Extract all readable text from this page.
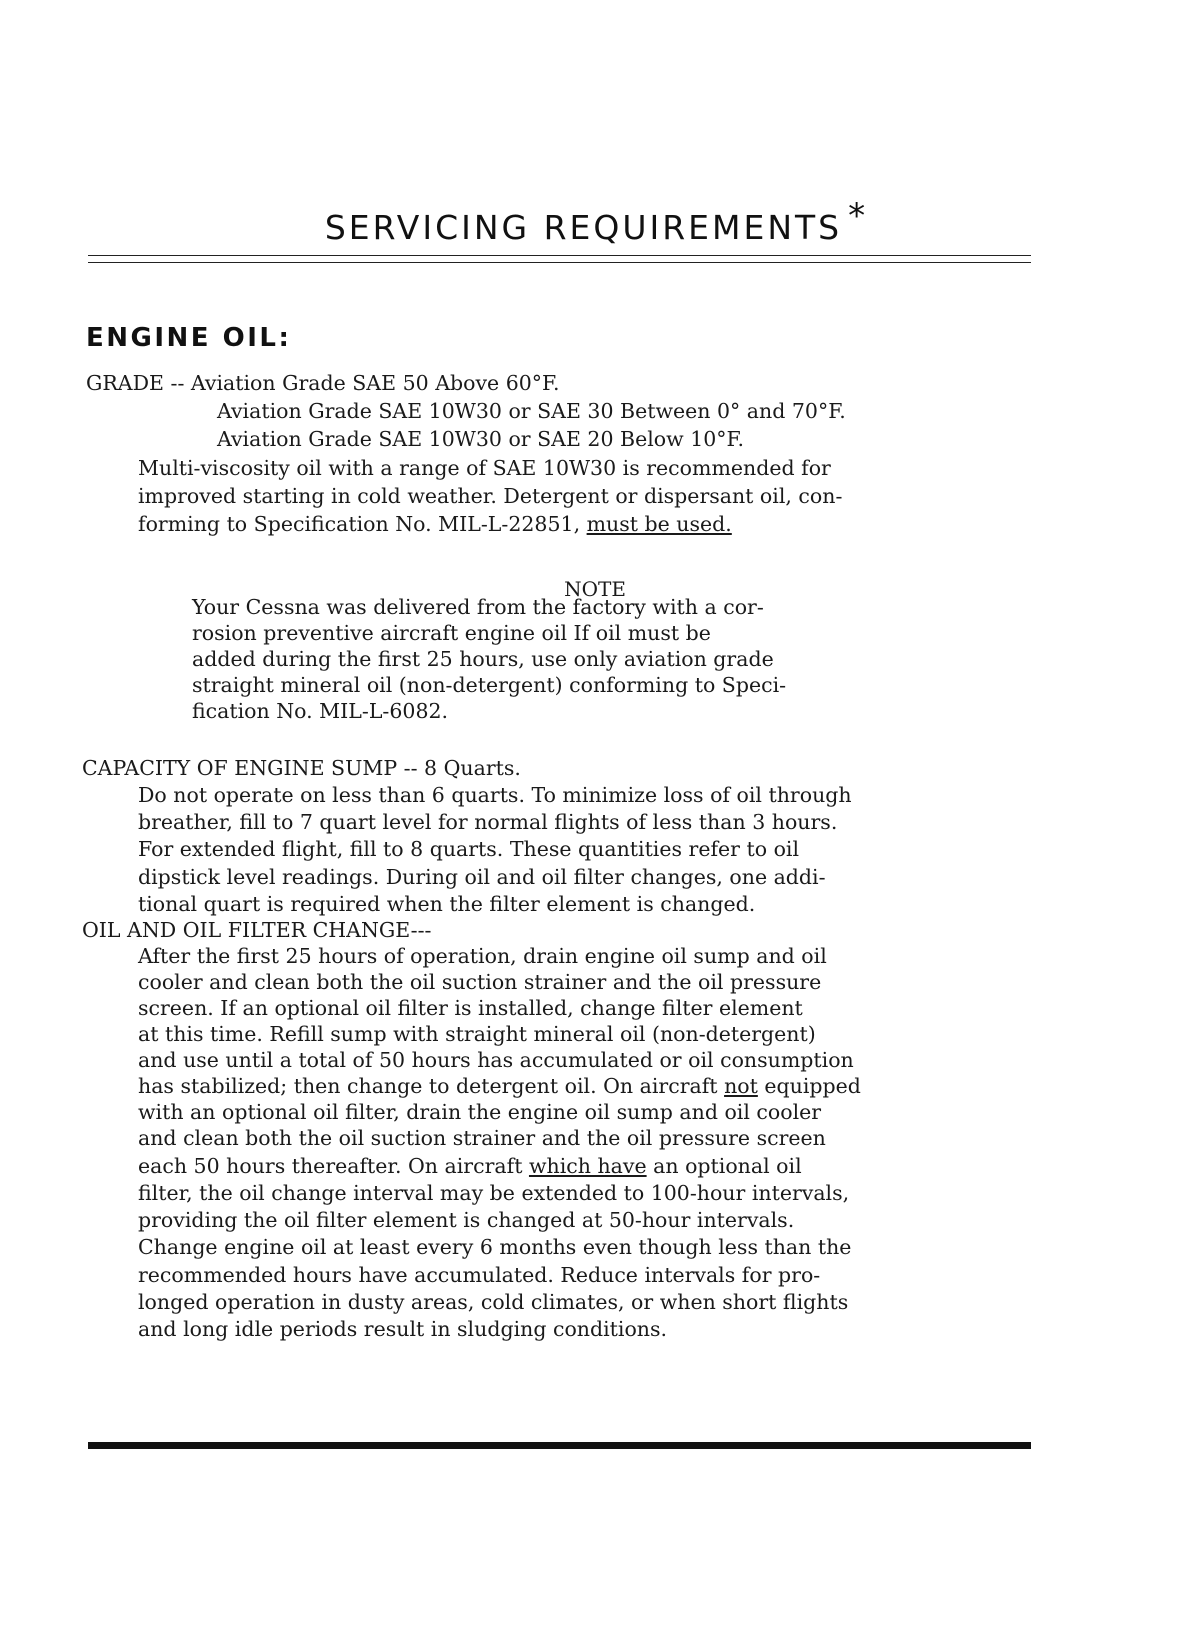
SERVICING REQUIREMENTS *
ENGINE OIL:
GRADE -- Aviation Grade SAE 50 Above 60°F.
Aviation Grade SAE 10W30 or SAE 30 Between 0° and 70°F.
Aviation Grade SAE 10W30 or SAE 20 Below 10°F.
Multi-viscosity oil with a range of SAE 10W30 is recommended for
improved starting in cold weather. Detergent or dispersant oil, con-
forming to Specification No. MIL-L-22851, must be used.
NOTE
Your Cessna was delivered from the factory with a cor-
rosion preventive aircraft engine oil If oil must be
added during the first 25 hours, use only aviation grade
straight mineral oil (non-detergent) conforming to Speci-
fication No. MIL-L-6082.
CAPACITY OF ENGINE SUMP -- 8 Quarts.
Do not operate on less than 6 quarts. To minimize loss of oil through
breather, fill to 7 quart level for normal flights of less than 3 hours.
For extended flight, fill to 8 quarts. These quantities refer to oil
dipstick level readings. During oil and oil filter changes, one addi-
tional quart is required when the filter element is changed.
OIL AND OIL FILTER CHANGE---
After the first 25 hours of operation, drain engine oil sump and oil
cooler and clean both the oil suction strainer and the oil pressure
screen. If an optional oil filter is installed, change filter element
at this time. Refill sump with straight mineral oil (non-detergent)
and use until a total of 50 hours has accumulated or oil consumption
has stabilized; then change to detergent oil. On aircraft not equipped
with an optional oil filter, drain the engine oil sump and oil cooler
and clean both the oil suction strainer and the oil pressure screen
each 50 hours thereafter. On aircraft which have an optional oil
filter, the oil change interval may be extended to 100-hour intervals,
providing the oil filter element is changed at 50-hour intervals.
Change engine oil at least every 6 months even though less than the
recommended hours have accumulated. Reduce intervals for pro-
longed operation in dusty areas, cold climates, or when short flights
and long idle periods result in sludging conditions.
